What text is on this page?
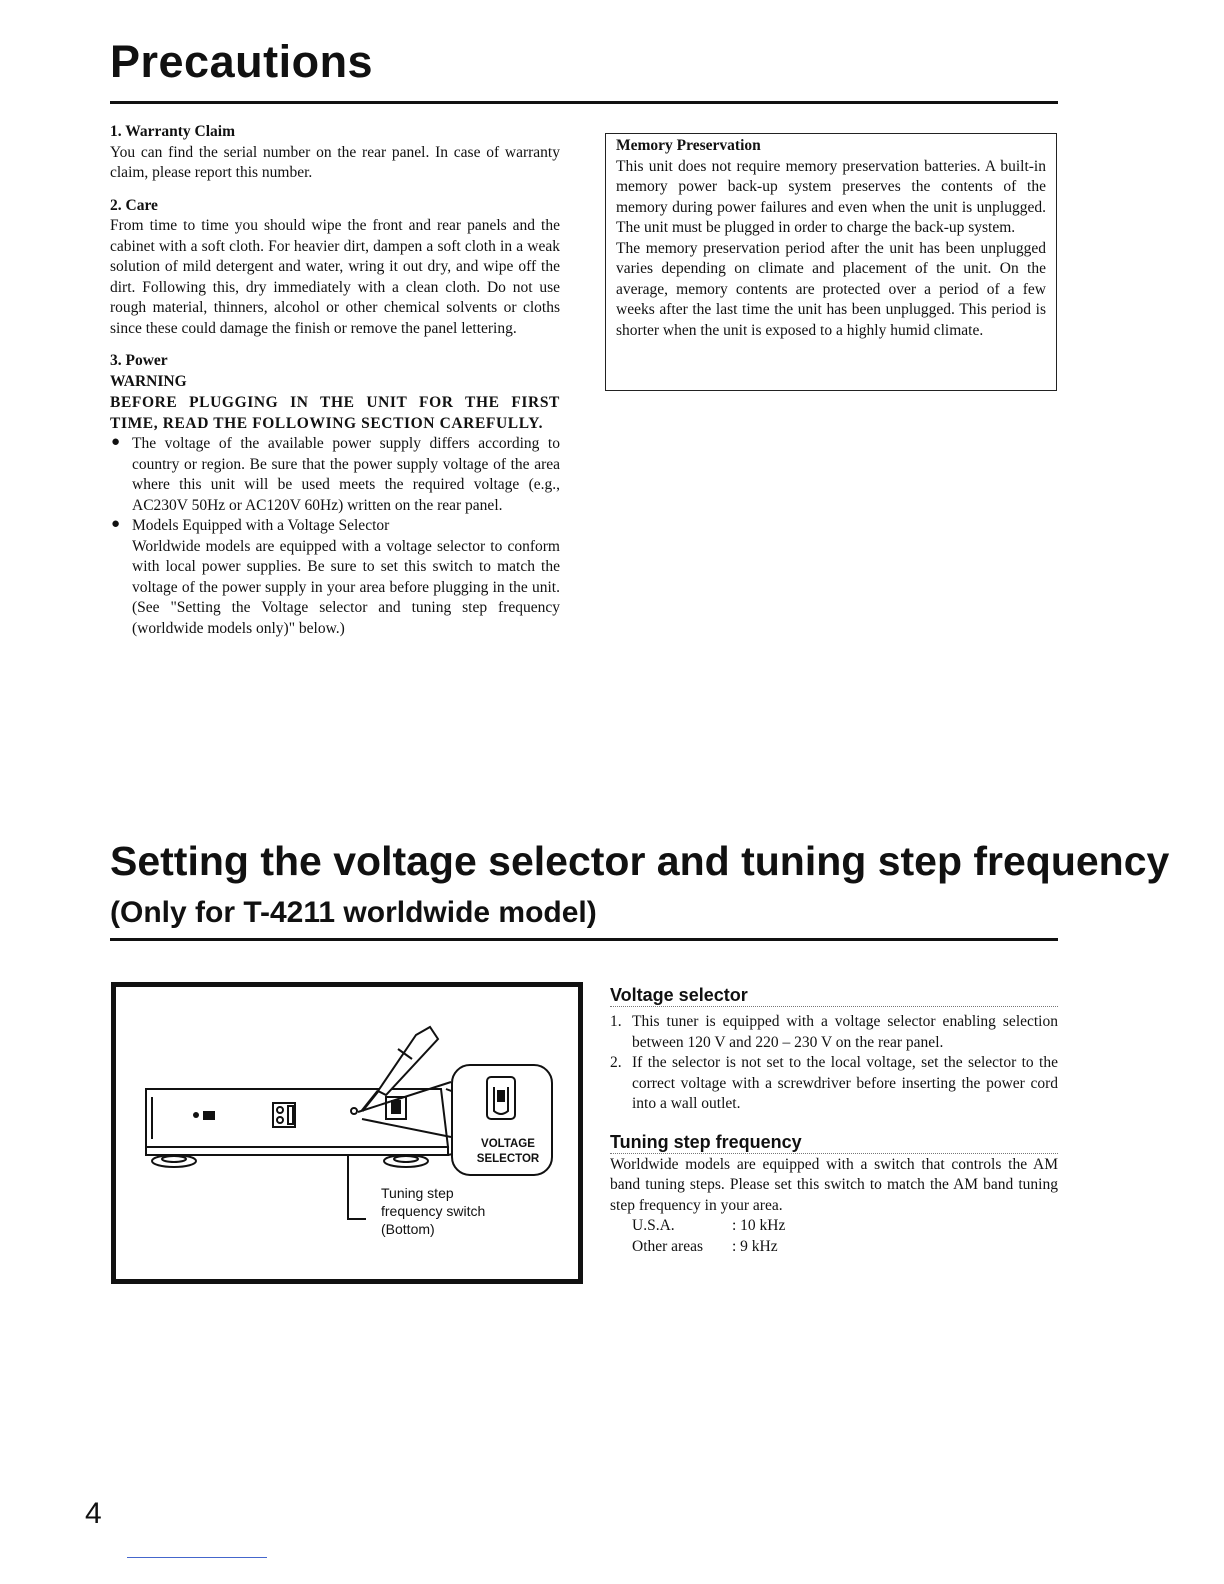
Precautions

1. Warranty Claim

You can find the serial number on the rear panel. In case of warranty claim, please report this number.

2. Care

From time to time you should wipe the front and rear panels and the cabinet with a soft cloth. For heavier dirt, dampen a soft cloth in a weak solution of mild detergent and water, wring it out dry, and wipe off the dirt. Following this, dry immediately with a clean cloth. Do not use rough material, thinners, alcohol or other chemical solvents or cloths since these could damage the finish or remove the panel lettering.

3. Power

WARNING

BEFORE PLUGGING IN THE UNIT FOR THE FIRST TIME, READ THE FOLLOWING SECTION CAREFULLY.

● The voltage of the available power supply differs according to country or region. Be sure that the power supply voltage of the area where this unit will be used meets the required voltage (e.g., AC230V 50Hz or AC120V 60Hz) written on the rear panel.

● Models Equipped with a Voltage Selector

Worldwide models are equipped with a voltage selector to conform with local power supplies. Be sure to set this switch to match the voltage of the power supply in your area before plugging in the unit. (See "Setting the Voltage selector and tuning step frequency (worldwide models only)" below.)

Memory Preservation

This unit does not require memory preservation batteries. A built-in memory power back-up system preserves the contents of the memory during power failures and even when the unit is unplugged. The unit must be plugged in order to charge the back-up system.

The memory preservation period after the unit has been unplugged varies depending on climate and placement of the unit. On the average, memory contents are protected over a period of a few weeks after the last time the unit has been unplugged. This period is shorter when the unit is exposed to a highly humid climate.

Setting the voltage selector and tuning step frequency (Only for T-4211 worldwide model)
VOLTAGE
SELECTOR
Tuning step
frequency switch
(Bottom)

Voltage selector

1. This tuner is equipped with a voltage selector enabling selection between 120 V and 220 – 230 V on the rear panel.

2. If the selector is not set to the local voltage, set the selector to the correct voltage with a screwdriver before inserting the power cord into a wall outlet.

Tuning step frequency

Worldwide models are equipped with a switch that controls the AM band tuning steps. Please set this switch to match the AM band tuning step frequency in your area.

U.S.A.	: 10 kHz
Other areas	: 9 kHz

4
